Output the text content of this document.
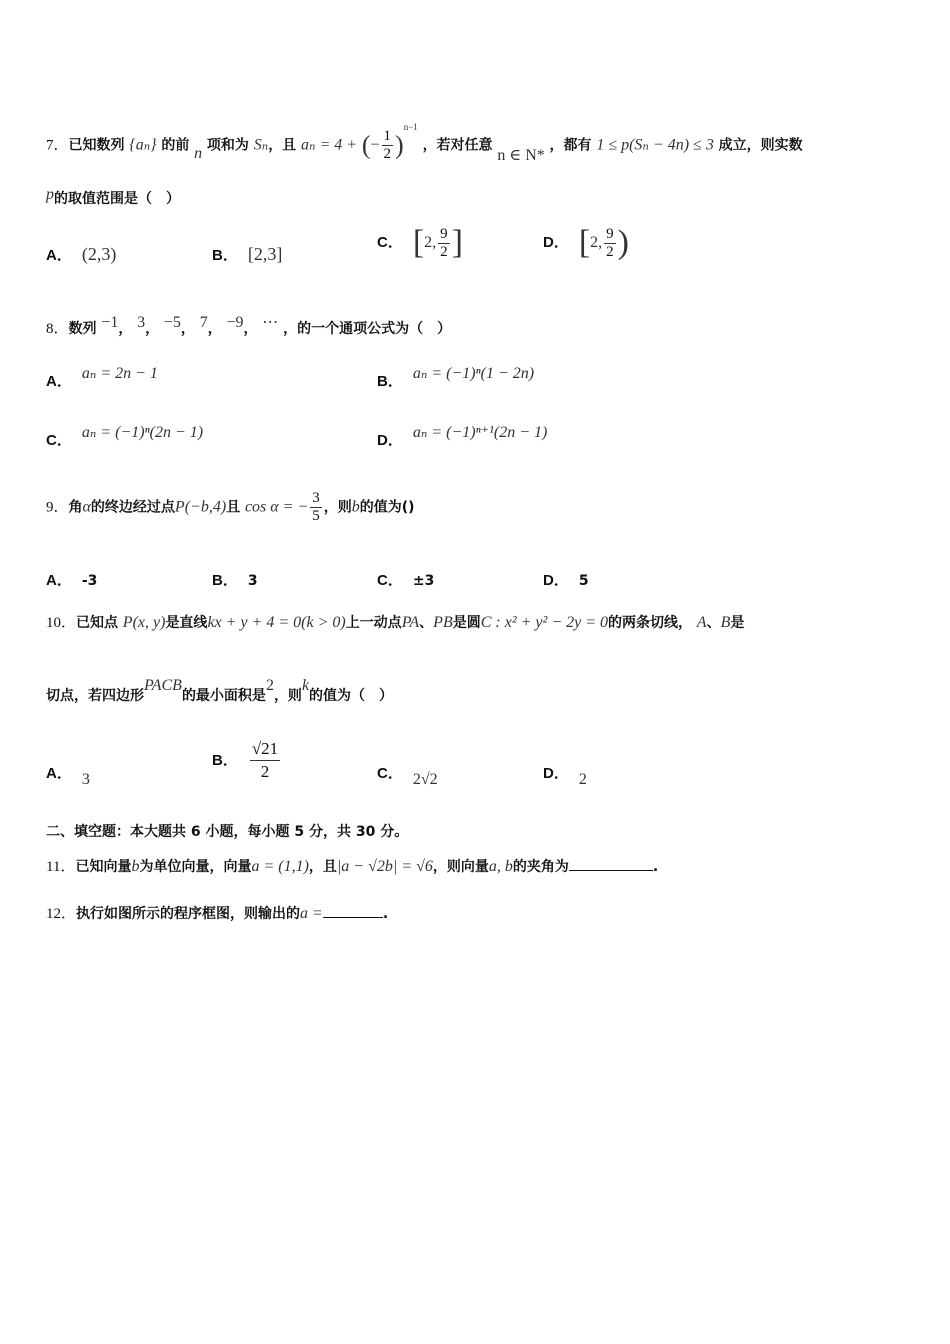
7．已知数列 {aₙ} 的前 n 项和为 Sₙ，且 aₙ = 4 + (− $\frac{1}{2} )^{n-1}$ ，若对任意 n ∈ N* ，都有 1 ≤ p(Sₙ − 4n) ≤ 3 成立，则实数
p的取值范围是（　）
A． (2,3)	B． [2,3]
C． [2, $\frac{9}{2}$ ]	D． [2, $\frac{9}{2}$ )
8．数列 −1， 3， −5， 7， −9， ⋯ ，的一个通项公式为（　）
A． aₙ = 2n − 1	B． aₙ = (−1)ⁿ(1 − 2n)
C． aₙ = (−1)ⁿ(2n − 1)	D． aₙ = (−1)ⁿ⁺¹(2n − 1)
9．角α的终边经过点P(−b,4)且 cos α = − $\frac{3}{5}$ ，则b的值为()
A． -3	B． 3	C． ±3	D． 5
10．已知点 P(x, y)是直线kx + y + 4 = 0(k > 0)上一动点PA、PB是圆C : x² + y² − 2y = 0的两条切线， A、B是
切点，若四边形PACB的最小面积是2，则k的值为（　）
A． 3
B． $\frac{√21}{2}$	C． 2√2	D． 2
二、填空题：本大题共 6 小题，每小题 5 分，共 30 分。
11．已知向量b为单位向量，向量a = (1,1)，且|a − √2b| = √6，则向量a, b的夹角为	.
12．执行如图所示的程序框图，则输出的a =	.
